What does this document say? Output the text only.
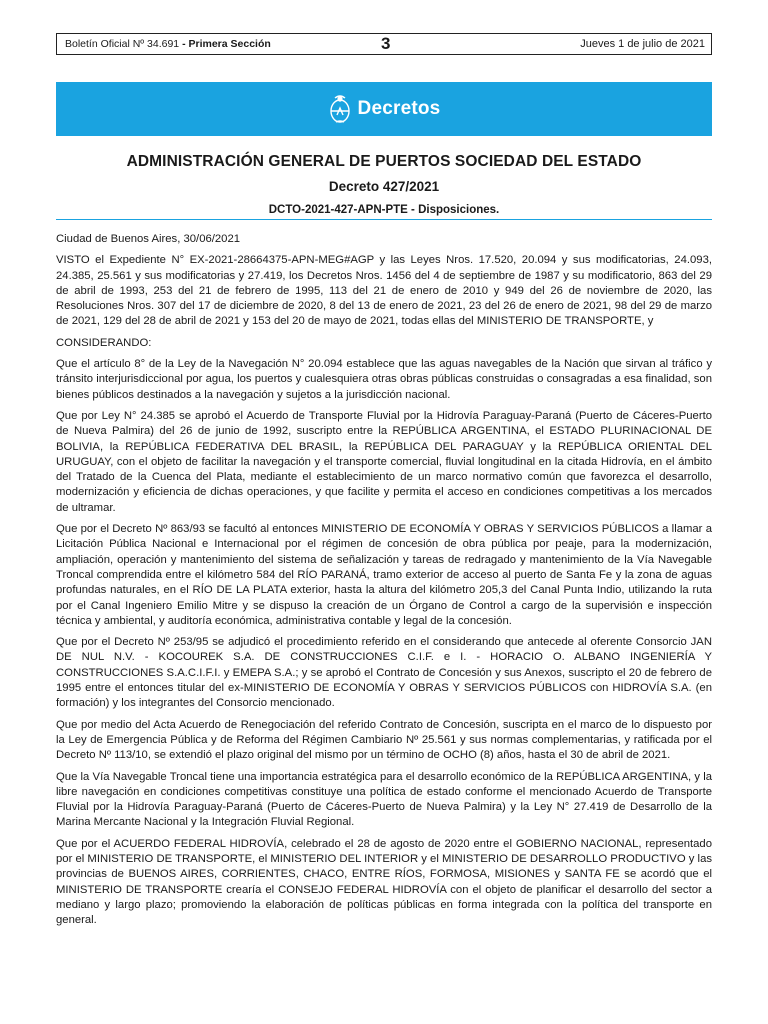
Boletín Oficial Nº 34.691 - Primera Sección	3	Jueves 1 de julio de 2021
Decretos

ADMINISTRACIÓN GENERAL DE PUERTOS SOCIEDAD DEL ESTADO

Decreto 427/2021

DCTO-2021-427-APN-PTE - Disposiciones.

Ciudad de Buenos Aires, 30/06/2021

VISTO el Expediente N° EX-2021-28664375-APN-MEG#AGP y las Leyes Nros. 17.520, 20.094 y sus modificatorias, 24.093, 24.385, 25.561 y sus modificatorias y 27.419, los Decretos Nros. 1456 del 4 de septiembre de 1987 y su modificatorio, 863 del 29 de abril de 1993, 253 del 21 de febrero de 1995, 113 del 21 de enero de 2010 y 949 del 26 de noviembre de 2020, las Resoluciones Nros. 307 del 17 de diciembre de 2020, 8 del 13 de enero de 2021, 23 del 26 de enero de 2021, 98 del 29 de marzo de 2021, 129 del 28 de abril de 2021 y 153 del 20 de mayo de 2021, todas ellas del MINISTERIO DE TRANSPORTE, y

CONSIDERANDO:

Que el artículo 8° de la Ley de la Navegación N° 20.094 establece que las aguas navegables de la Nación que sirvan al tráfico y tránsito interjurisdiccional por agua, los puertos y cualesquiera otras obras públicas construidas o consagradas a esa finalidad, son bienes públicos destinados a la navegación y sujetos a la jurisdicción nacional.

Que por Ley N° 24.385 se aprobó el Acuerdo de Transporte Fluvial por la Hidrovía Paraguay-Paraná (Puerto de Cáceres-Puerto de Nueva Palmira) del 26 de junio de 1992, suscripto entre la REPÚBLICA ARGENTINA, el ESTADO PLURINACIONAL DE BOLIVIA, la REPÚBLICA FEDERATIVA DEL BRASIL, la REPÚBLICA DEL PARAGUAY y la REPÚBLICA ORIENTAL DEL URUGUAY, con el objeto de facilitar la navegación y el transporte comercial, fluvial longitudinal en la citada Hidrovía, en el ámbito del Tratado de la Cuenca del Plata, mediante el establecimiento de un marco normativo común que favorezca el desarrollo, modernización y eficiencia de dichas operaciones, y que facilite y permita el acceso en condiciones competitivas a los mercados de ultramar.

Que por el Decreto Nº 863/93 se facultó al entonces MINISTERIO DE ECONOMÍA Y OBRAS Y SERVICIOS PÚBLICOS a llamar a Licitación Pública Nacional e Internacional por el régimen de concesión de obra pública por peaje, para la modernización, ampliación, operación y mantenimiento del sistema de señalización y tareas de redragado y mantenimiento de la Vía Navegable Troncal comprendida entre el kilómetro 584 del RÍO PARANÁ, tramo exterior de acceso al puerto de Santa Fe y la zona de aguas profundas naturales, en el RÍO DE LA PLATA exterior, hasta la altura del kilómetro 205,3 del Canal Punta Indio, utilizando la ruta por el Canal Ingeniero Emilio Mitre y se dispuso la creación de un Órgano de Control a cargo de la supervisión e inspección técnica y ambiental, y auditoría económica, administrativa contable y legal de la concesión.

Que por el Decreto Nº 253/95 se adjudicó el procedimiento referido en el considerando que antecede al oferente Consorcio JAN DE NUL N.V. - KOCOUREK S.A. DE CONSTRUCCIONES C.I.F. e I. - HORACIO O. ALBANO INGENIERÍA Y CONSTRUCCIONES S.A.C.I.F.I. y EMEPA S.A.; y se aprobó el Contrato de Concesión y sus Anexos, suscripto el 20 de febrero de 1995 entre el entonces titular del ex-MINISTERIO DE ECONOMÍA Y OBRAS Y SERVICIOS PÚBLICOS con HIDROVÍA S.A. (en formación) y los integrantes del Consorcio mencionado.

Que por medio del Acta Acuerdo de Renegociación del referido Contrato de Concesión, suscripta en el marco de lo dispuesto por la Ley de Emergencia Pública y de Reforma del Régimen Cambiario Nº 25.561 y sus normas complementarias, y ratificada por el Decreto Nº 113/10, se extendió el plazo original del mismo por un término de OCHO (8) años, hasta el 30 de abril de 2021.

Que la Vía Navegable Troncal tiene una importancia estratégica para el desarrollo económico de la REPÚBLICA ARGENTINA, y la libre navegación en condiciones competitivas constituye una política de estado conforme el mencionado Acuerdo de Transporte Fluvial por la Hidrovía Paraguay-Paraná (Puerto de Cáceres-Puerto de Nueva Palmira) y la Ley N° 27.419 de Desarrollo de la Marina Mercante Nacional y la Integración Fluvial Regional.

Que por el ACUERDO FEDERAL HIDROVÍA, celebrado el 28 de agosto de 2020 entre el GOBIERNO NACIONAL, representado por el MINISTERIO DE TRANSPORTE, el MINISTERIO DEL INTERIOR y el MINISTERIO DE DESARROLLO PRODUCTIVO y las provincias de BUENOS AIRES, CORRIENTES, CHACO, ENTRE RÍOS, FORMOSA, MISIONES y SANTA FE se acordó que el MINISTERIO DE TRANSPORTE crearía el CONSEJO FEDERAL HIDROVÍA con el objeto de planificar el desarrollo del sector a mediano y largo plazo; promoviendo la elaboración de políticas públicas en forma integrada con la política del transporte en general.
